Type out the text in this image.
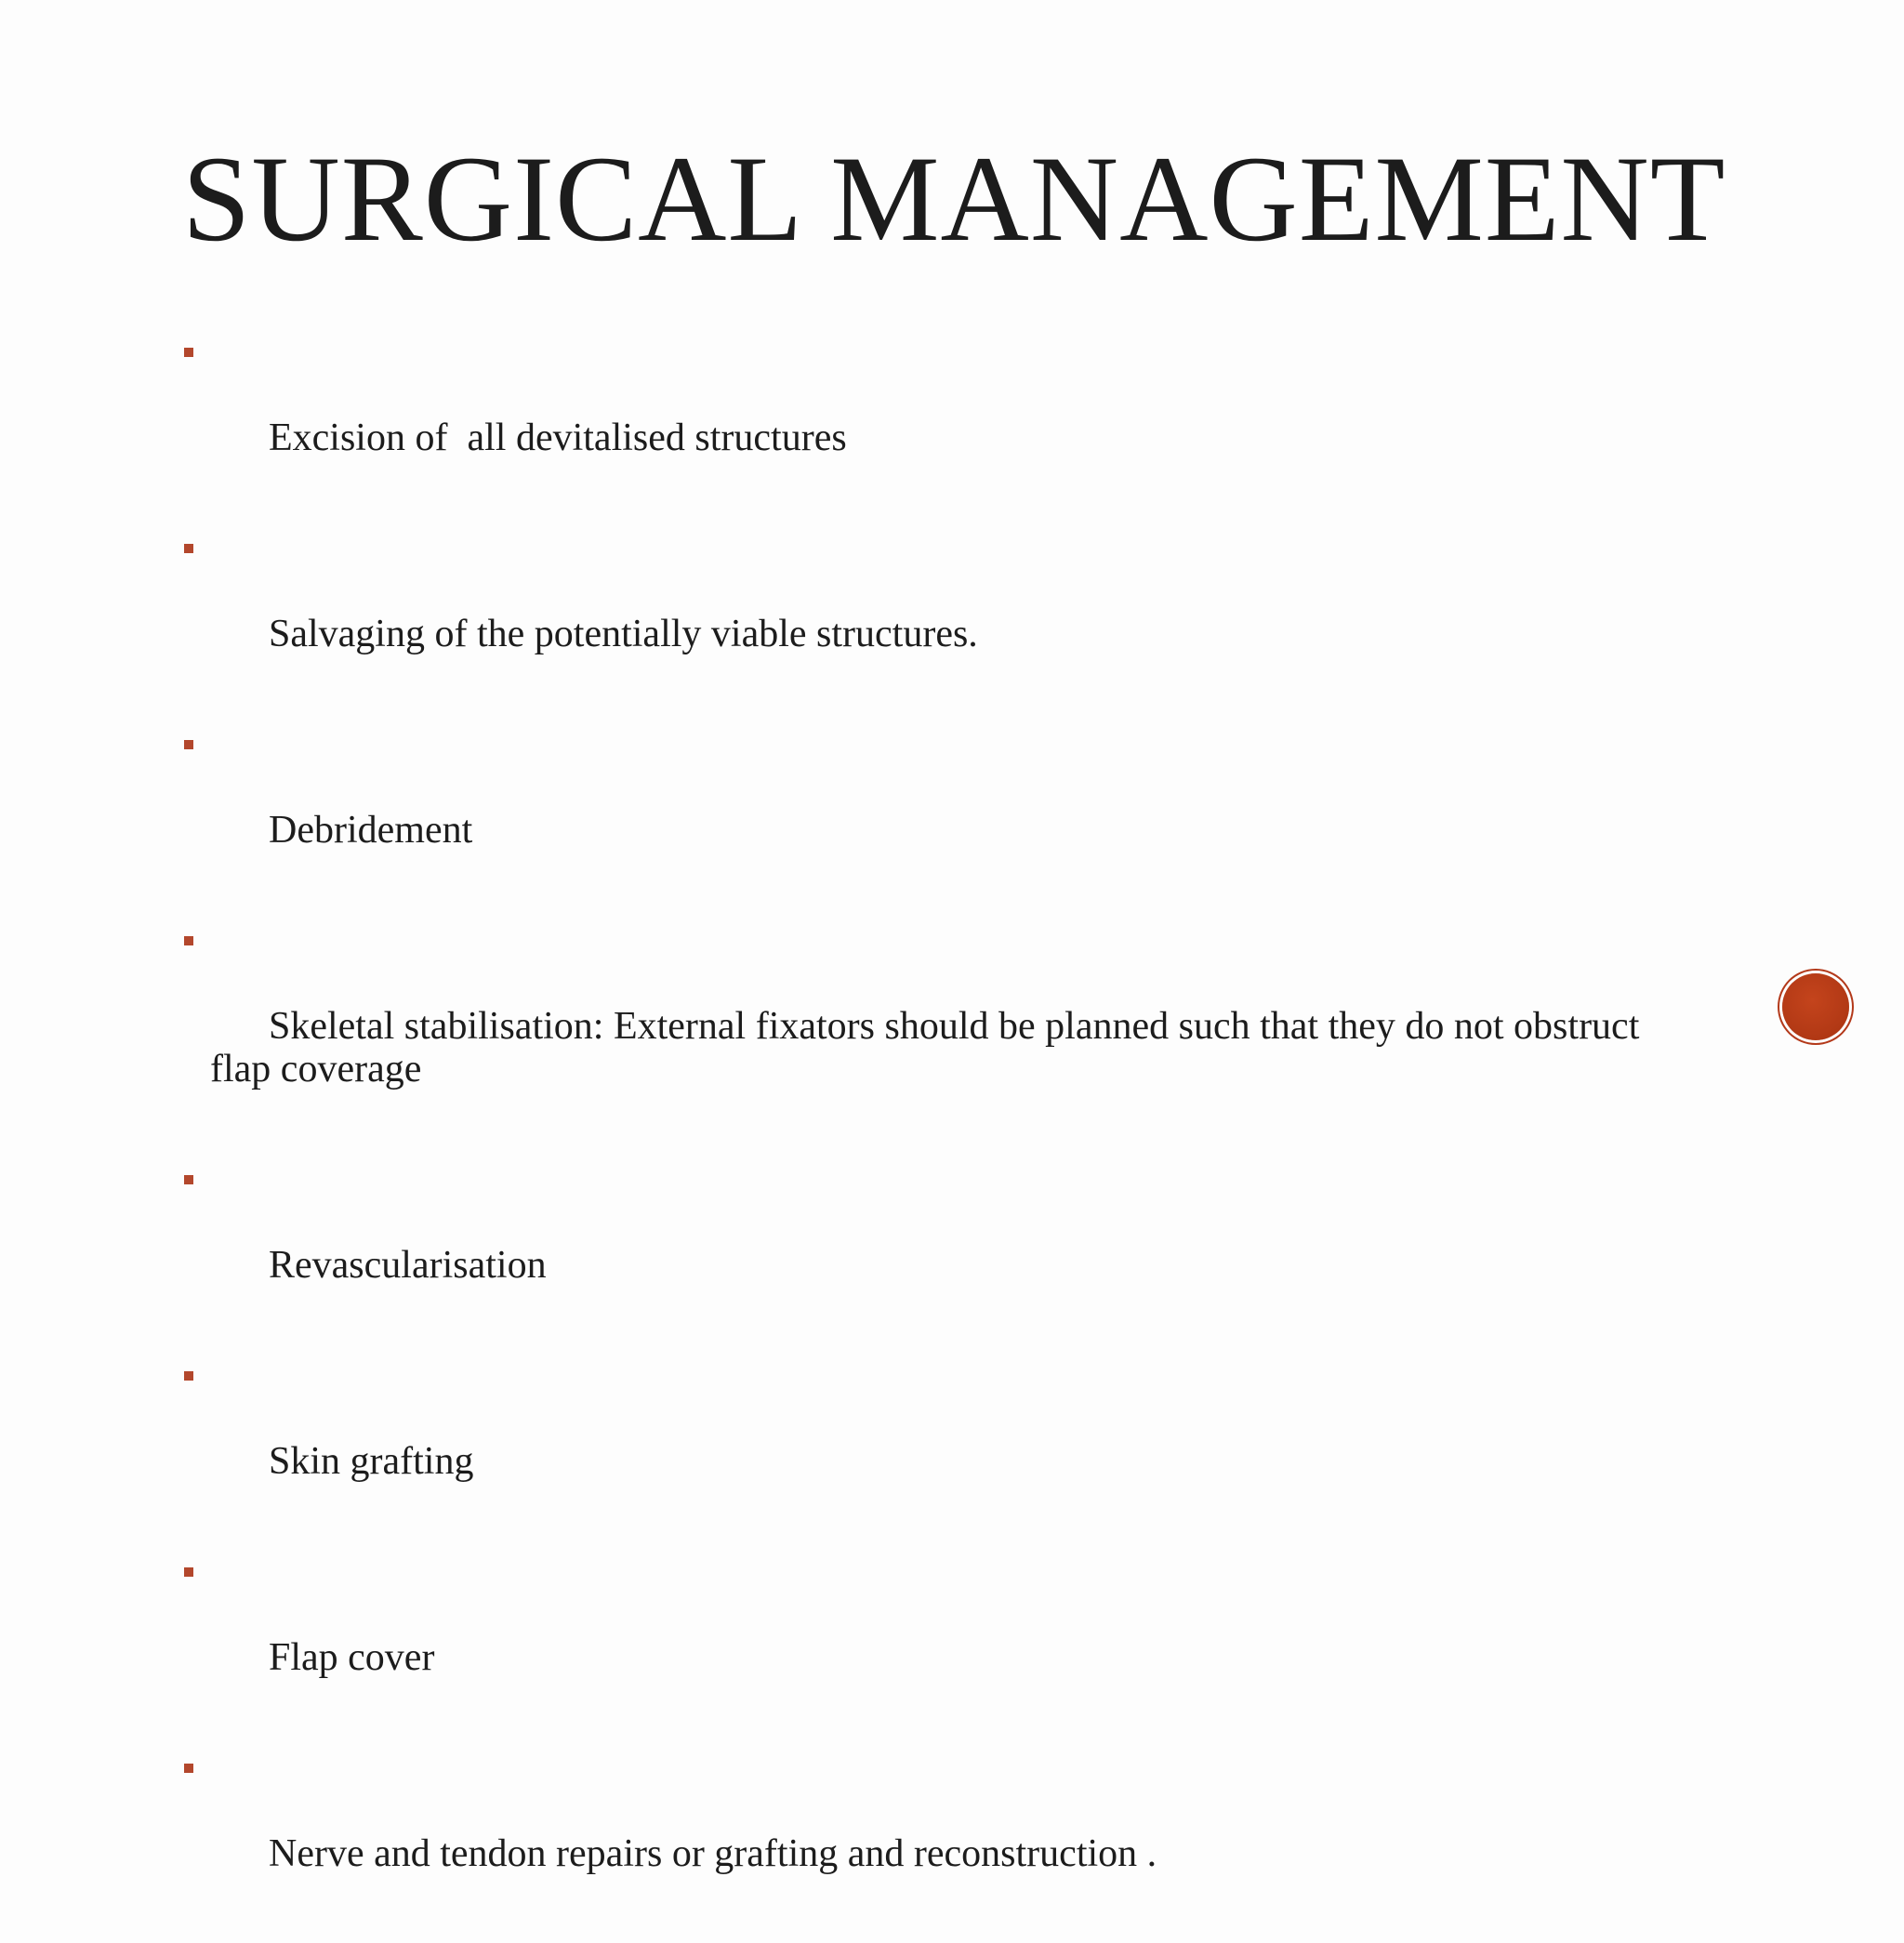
SURGICAL MANAGEMENT

Excision of  all devitalised structures

Salvaging of the potentially viable structures.

Debridement

Skeletal stabilisation: External fixators should be planned such that they do not obstruct flap coverage

Revascularisation

Skin grafting

Flap cover

Nerve and tendon repairs or grafting and reconstruction .
